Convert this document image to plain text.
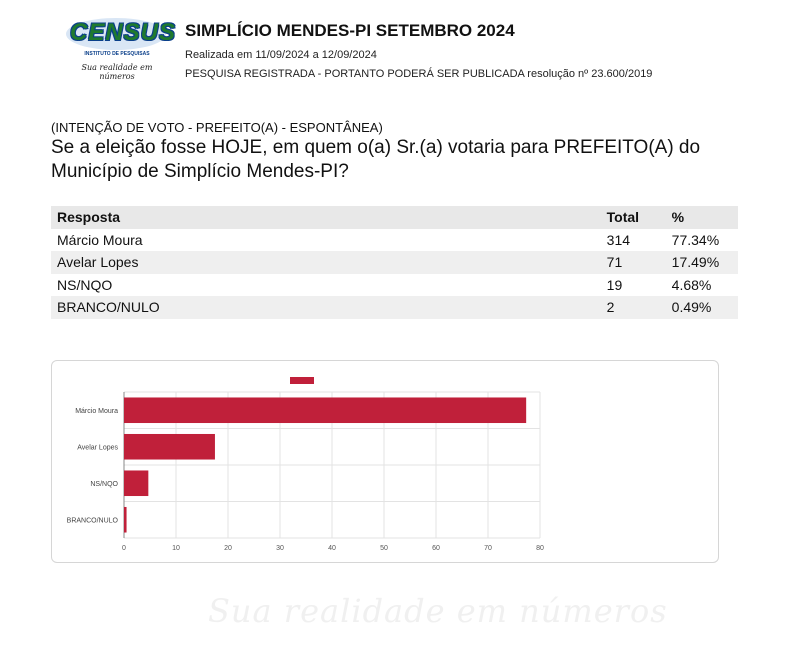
CENSUS
INSTITUTO DE PESQUISAS
Sua realidade em números
SIMPLÍCIO MENDES-PI SETEMBRO 2024
Realizada em 11/09/2024 a 12/09/2024
PESQUISA REGISTRADA - PORTANTO PODERÁ SER PUBLICADA resolução nº 23.600/2019
(INTENÇÃO DE VOTO - PREFEITO(A) - ESPONTÂNEA)
Se a eleição fosse HOJE, em quem o(a) Sr.(a) votaria para PREFEITO(A) do Município de Simplício Mendes-PI?
Resposta	Total	%
Márcio Moura	314	77.34%
Avelar Lopes	71	17.49%
NS/NQO	19	4.68%
BRANCO/NULO	2	0.49%
0	10	20	30	40	50	60	70	80
Márcio Moura
Avelar Lopes
NS/NQO
BRANCO/NULO
Sua realidade em números
